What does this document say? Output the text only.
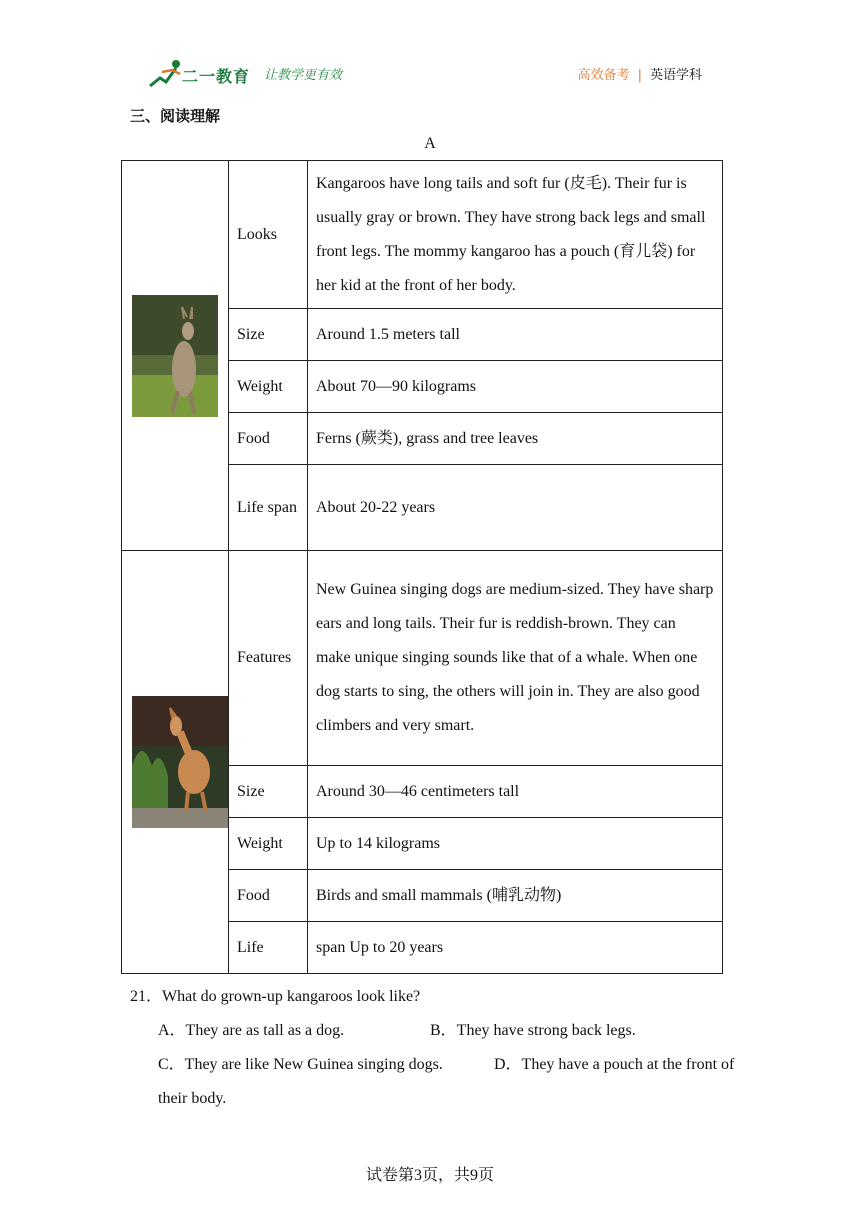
二一教育 让教学更有效	高效备考 | 英语学科
三、阅读理解
A
	Looks	Kangaroos have long tails and soft fur (皮毛). Their fur is usually gray or brown. They have strong back legs and small front legs. The mommy kangaroo has a pouch (育儿袋) for her kid at the front of her body.
	Size	Around 1.5 meters tall
	Weight	About 70—90 kilograms
	Food	Ferns (蕨类), grass and tree leaves
	Life span	About 20-22 years

	Features	New Guinea singing dogs are medium-sized. They have sharp ears and long tails. Their fur is reddish-brown. They can make unique singing sounds like that of a whale. When one dog starts to sing, the others will join in. They are also good climbers and very smart.
	Size	Around 30—46 centimeters tall
	Weight	Up to 14 kilograms
	Food	Birds and small mammals (哺乳动物)
	Life	span Up to 20 years

21．What do grown-up kangaroos look like?

A．They are as tall as a dog.	B．They have strong back legs.
C．They are like New Guinea singing dogs.	D．They have a pouch at the front of their body.
试卷第3页，共9页
